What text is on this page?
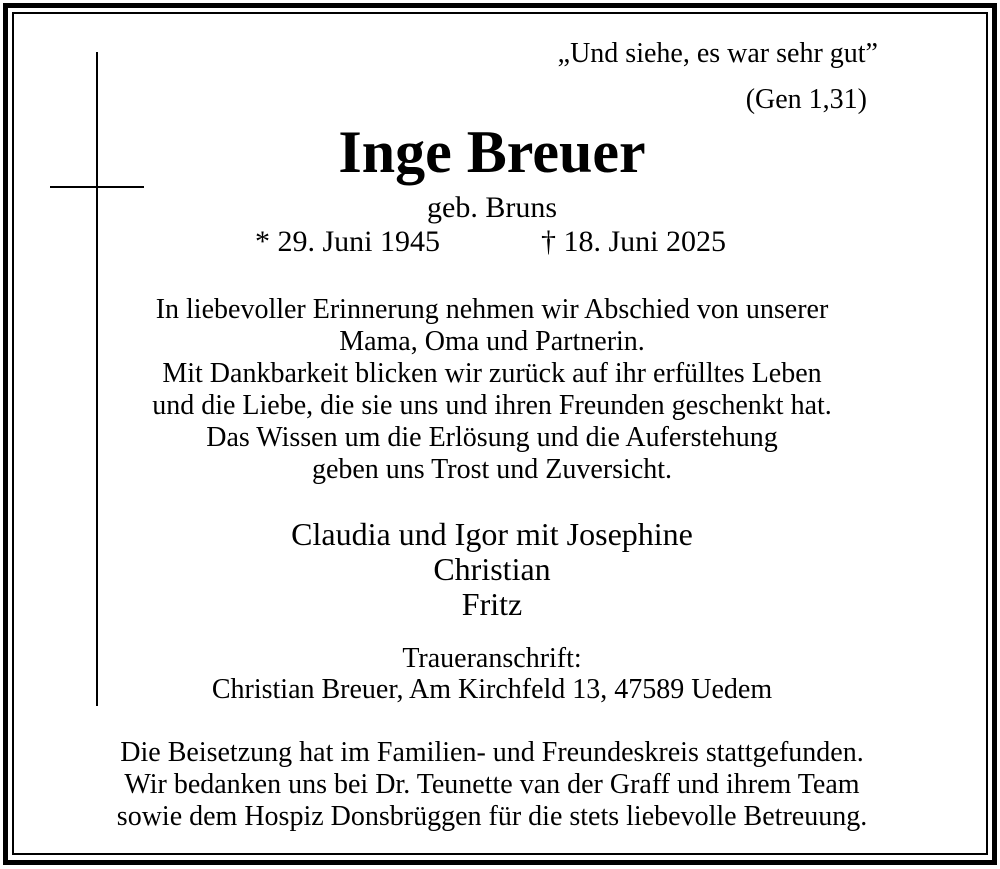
„Und siehe, es war sehr gut”
(Gen 1,31)
Inge Breuer
geb. Bruns
* 29. Juni 1945	† 18. Juni 2025
In liebevoller Erinnerung nehmen wir Abschied von unserer
Mama, Oma und Partnerin.
Mit Dankbarkeit blicken wir zurück auf ihr erfülltes Leben
und die Liebe, die sie uns und ihren Freunden geschenkt hat.
Das Wissen um die Erlösung und die Auferstehung
geben uns Trost und Zuversicht.
Claudia und Igor mit Josephine
Christian
Fritz
Traueranschrift:
Christian Breuer, Am Kirchfeld 13, 47589 Uedem
Die Beisetzung hat im Familien- und Freundeskreis stattgefunden.
Wir bedanken uns bei Dr. Teunette van der Graff und ihrem Team
sowie dem Hospiz Donsbrüggen für die stets liebevolle Betreuung.
